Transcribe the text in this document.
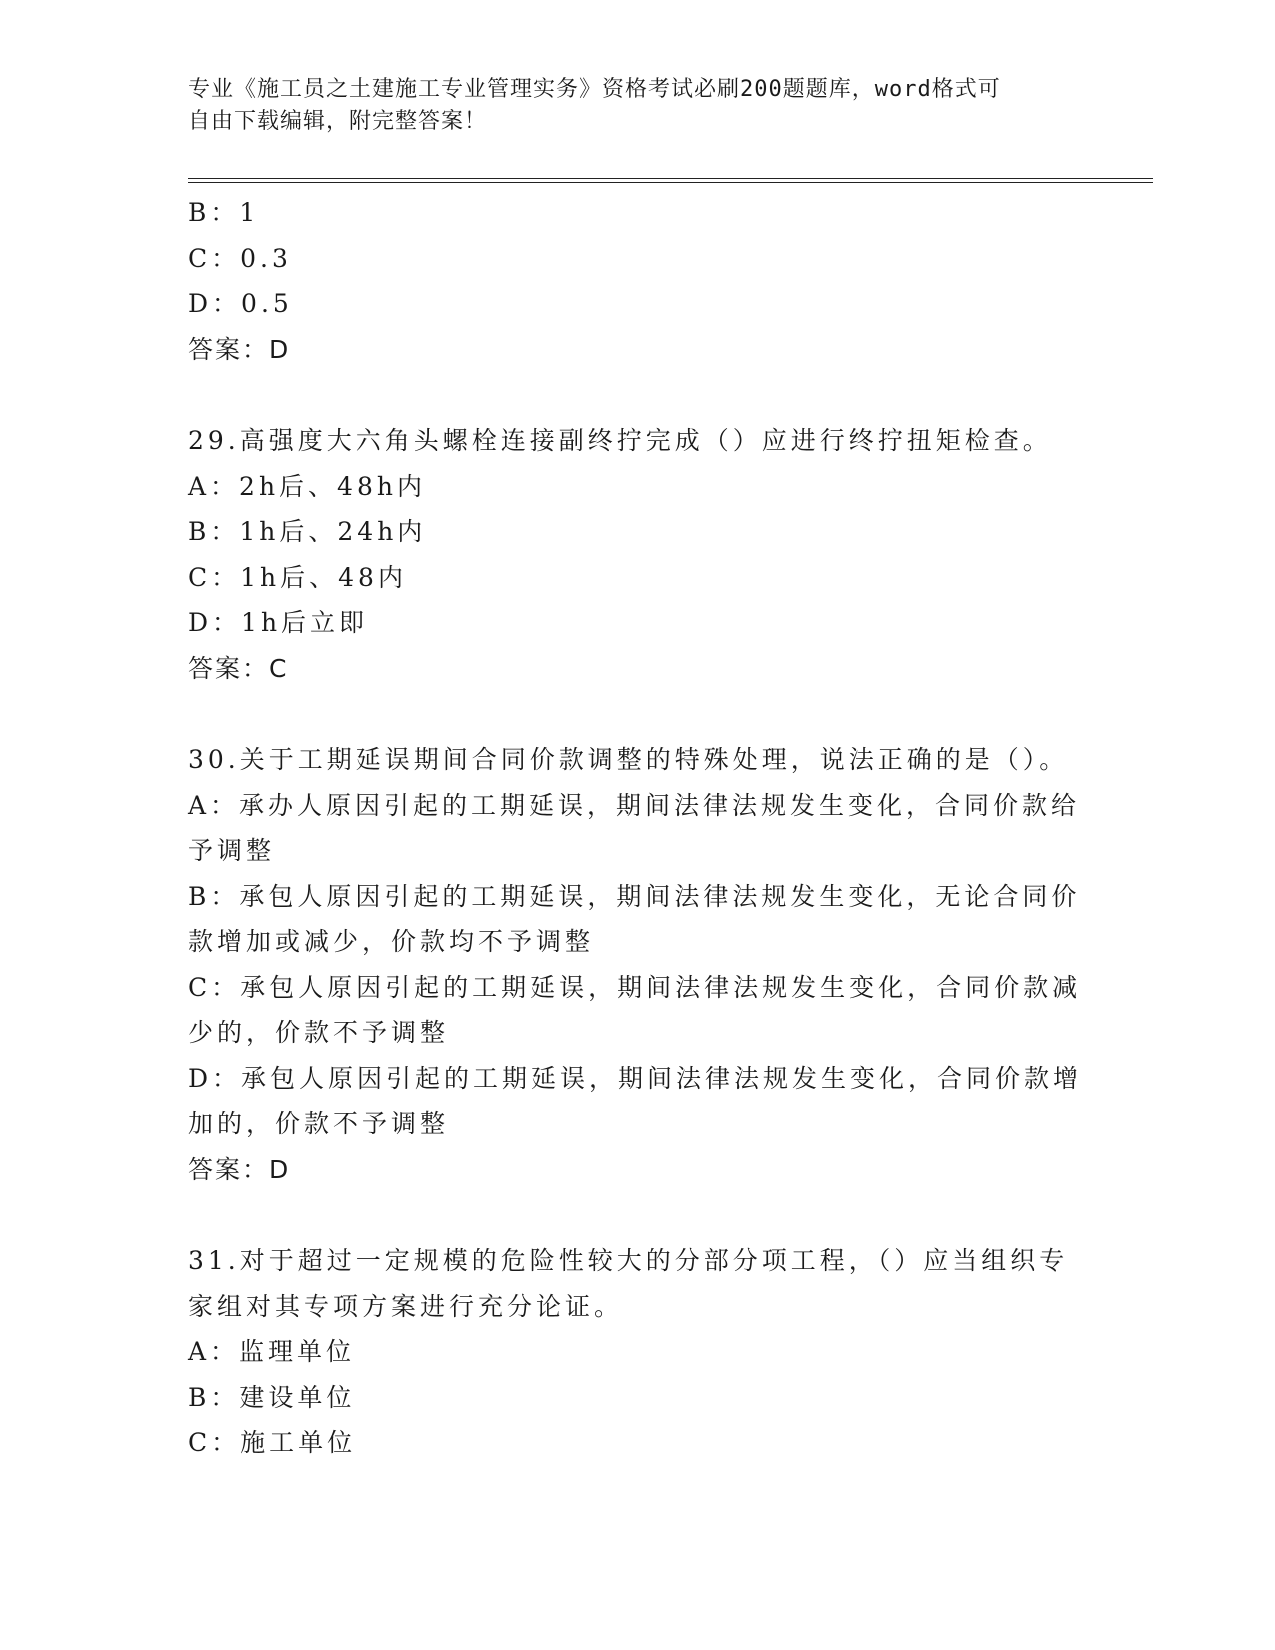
专业《施工员之土建施工专业管理实务》资格考试必刷200题题库，word格式可
自由下载编辑，附完整答案！
B：1
C：0.3
D：0.5
答案：D
29.高强度大六角头螺栓连接副终拧完成（）应进行终拧扭矩检查。
A：2h后、48h内
B：1h后、24h内
C：1h后、48内
D：1h后立即
答案：C
30.关于工期延误期间合同价款调整的特殊处理，说法正确的是（）。
A：承办人原因引起的工期延误，期间法律法规发生变化，合同价款给
予调整
B：承包人原因引起的工期延误，期间法律法规发生变化，无论合同价
款增加或减少，价款均不予调整
C：承包人原因引起的工期延误，期间法律法规发生变化，合同价款减
少的，价款不予调整
D：承包人原因引起的工期延误，期间法律法规发生变化，合同价款增
加的，价款不予调整
答案：D
31.对于超过一定规模的危险性较大的分部分项工程，（）应当组织专
家组对其专项方案进行充分论证。
A：监理单位
B：建设单位
C：施工单位
